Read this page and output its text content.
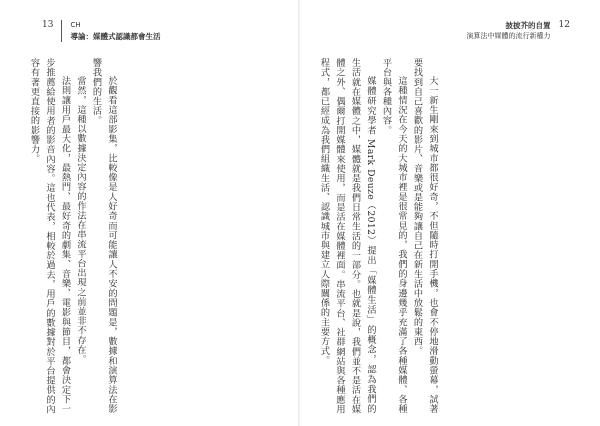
13 CH
導論：媒體式認識都會生活

於觀看這部影集，比較像是人好奇而可能讓人不安的問題是，數據和演算法在影響我們的生活。

當然，這種以數據決定內容的作法在串流平台出現之前並非不存在。

法則讓用戶最大化，最熱門、最好奇的劇集、音樂、電影與節目，都會決定下一步推薦給使用者的影音內容。這也代表，相較於過去，用戶的數據對於平台提供的內容有著更直接的影響力。

披披芥的自置
演算法中媒體的流行新權力
12

大一新生剛來到城市都很好奇，不但隨時打開手機，也會不停地滑動螢幕，試著要找到自己喜歡的影片、音樂或是能夠讓自己在新生活中放鬆的東西。

這種情況在今天的大城市裡是很常見的，我們的身邊幾乎充滿了各種媒體、各種平台與各種內容。

媒體研究學者 Mark Deuze（2012）提出「媒體生活」的概念，認為我們的生活就在媒體之中，媒體就是我們日常生活的一部分。也就是說，我們並不是活在媒體之外、偶爾打開媒體來使用，而是活在媒體裡面。串流平台、社群網站與各種應用程式，都已經成為我們組織生活、認識城市與建立人際關係的主要方式。
